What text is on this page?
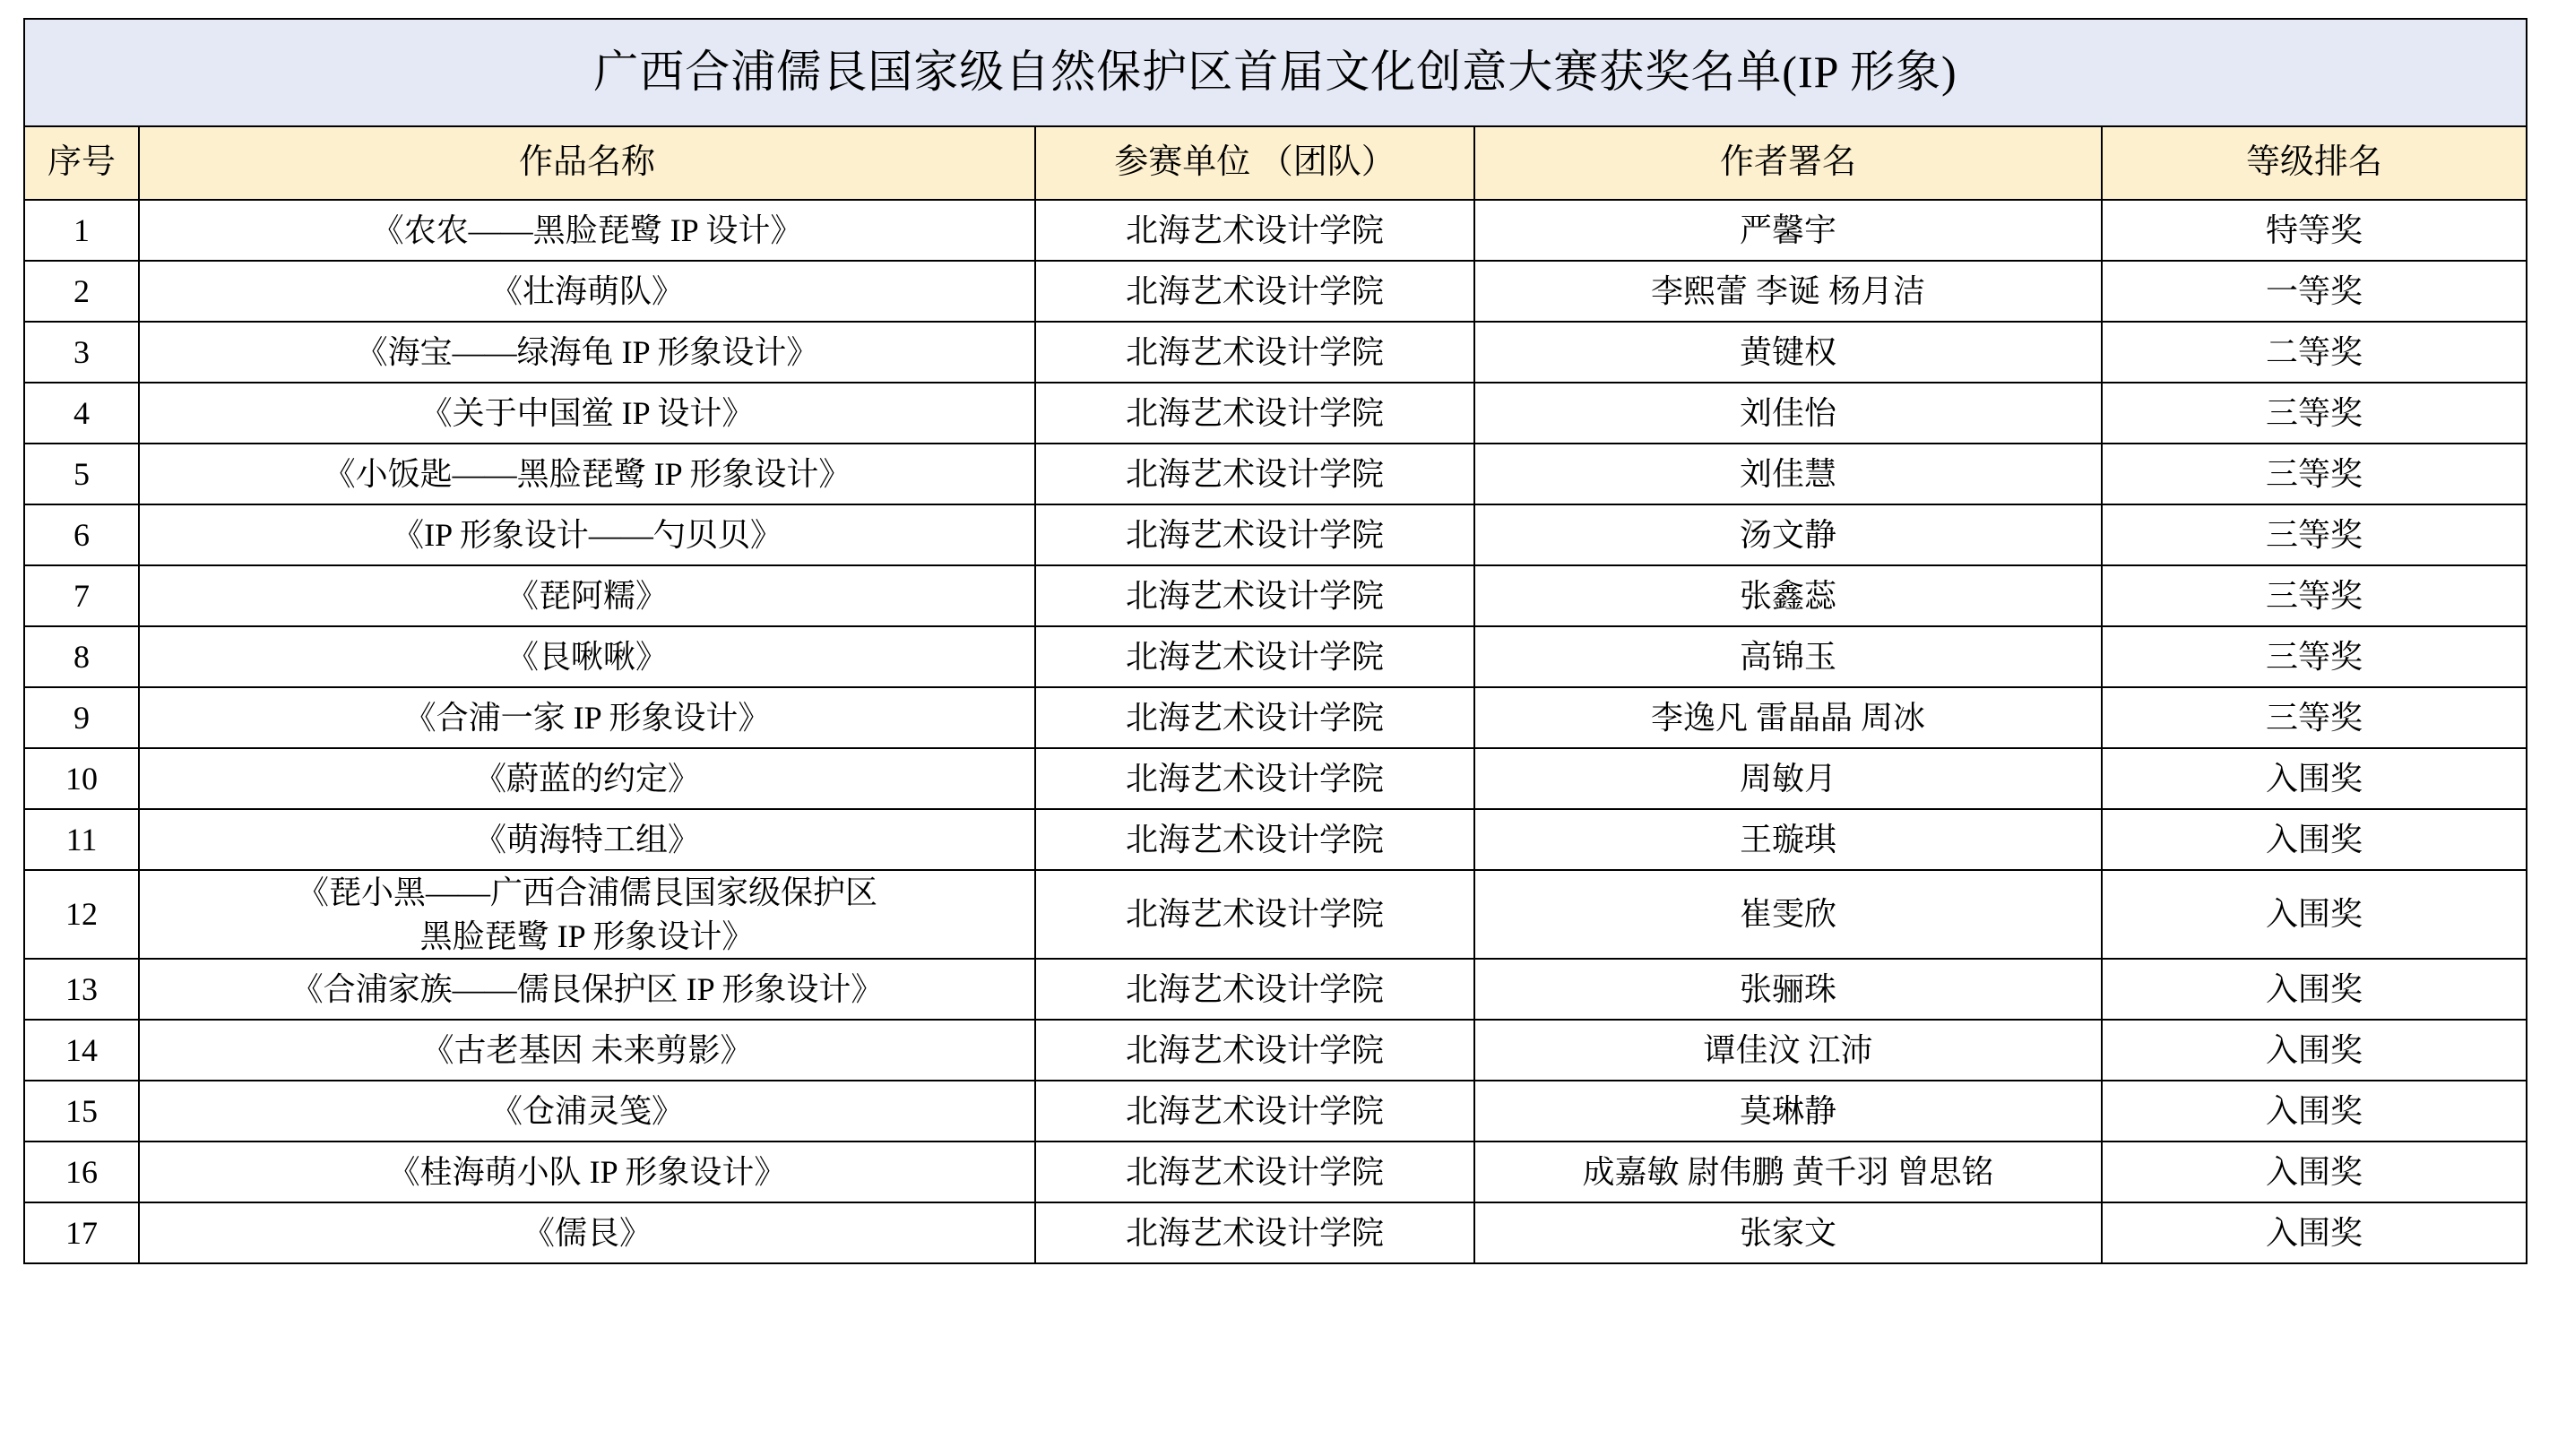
广西合浦儒艮国家级自然保护区首届文化创意大赛获奖名单(IP 形象)				
序号	作品名称	参赛单位 （团队）	作者署名	等级排名
1	《农农——黑脸琵鹭 IP 设计》	北海艺术设计学院	严馨宇	特等奖
2	《壮海萌队》	北海艺术设计学院	李熙蕾 李诞 杨月洁	一等奖
3	《海宝——绿海龟 IP 形象设计》	北海艺术设计学院	黄键权	二等奖
4	《关于中国鲎 IP 设计》	北海艺术设计学院	刘佳怡	三等奖
5	《小饭匙——黑脸琵鹭 IP 形象设计》	北海艺术设计学院	刘佳慧	三等奖
6	《IP 形象设计——勺贝贝》	北海艺术设计学院	汤文静	三等奖
7	《琵阿糯》	北海艺术设计学院	张鑫蕊	三等奖
8	《艮啾啾》	北海艺术设计学院	高锦玉	三等奖
9	《合浦一家 IP 形象设计》	北海艺术设计学院	李逸凡 雷晶晶 周冰	三等奖
10	《蔚蓝的约定》	北海艺术设计学院	周敏月	入围奖
11	《萌海特工组》	北海艺术设计学院	王璇琪	入围奖
12	《琵小黑——广西合浦儒艮国家级保护区
黑脸琵鹭 IP 形象设计》	北海艺术设计学院	崔雯欣	入围奖
13	《合浦家族——儒艮保护区 IP 形象设计》	北海艺术设计学院	张骊珠	入围奖
14	《古老基因 未来剪影》	北海艺术设计学院	谭佳汶 江沛	入围奖
15	《仓浦灵笺》	北海艺术设计学院	莫琳静	入围奖
16	《桂海萌小队 IP 形象设计》	北海艺术设计学院	成嘉敏 尉伟鹏 黄千羽 曾思铭	入围奖
17	《儒艮》	北海艺术设计学院	张家文	入围奖
